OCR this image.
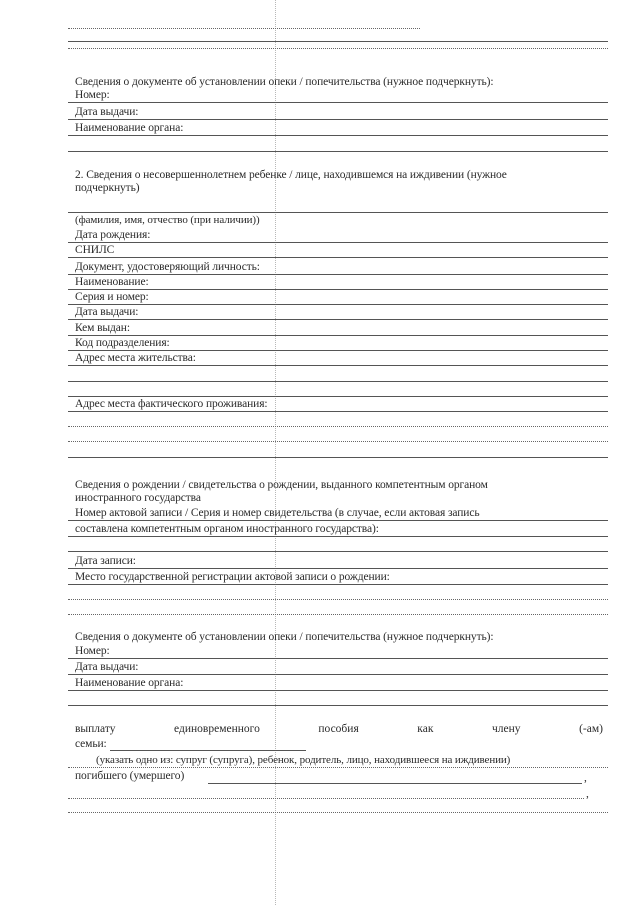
Сведения о документе об установлении опеки / попечительства (нужное подчеркнуть):
Номер:
Дата выдачи:
Наименование органа:
2. Сведения о несовершеннолетнем ребенке / лице, находившемся на иждивении (нужное
подчеркнуть)
(фамилия, имя, отчество (при наличии))
Дата рождения:
СНИЛС
Документ, удостоверяющий личность:
Наименование:
Серия и номер:
Дата выдачи:
Кем выдан:
Код подразделения:
Адрес места жительства:
Адрес места фактического проживания:
Сведения о рождении / свидетельства о рождении, выданного компетентным органом
иностранного государства
Номер актовой записи / Серия и номер свидетельства (в случае, если актовая запись
составлена компетентным органом иностранного государства):
Дата записи:
Место государственной регистрации актовой записи о рождении:
Сведения о документе об установлении опеки / попечительства (нужное подчеркнуть):
Номер:
Дата выдачи:
Наименование органа:
выплату	единовременного	пособия	как	члену	(-ам)
семьи:
(указать одно из: супруг (супруга), ребенок, родитель, лицо, находившееся на иждивении)
погибшего (умершего)	,
,
